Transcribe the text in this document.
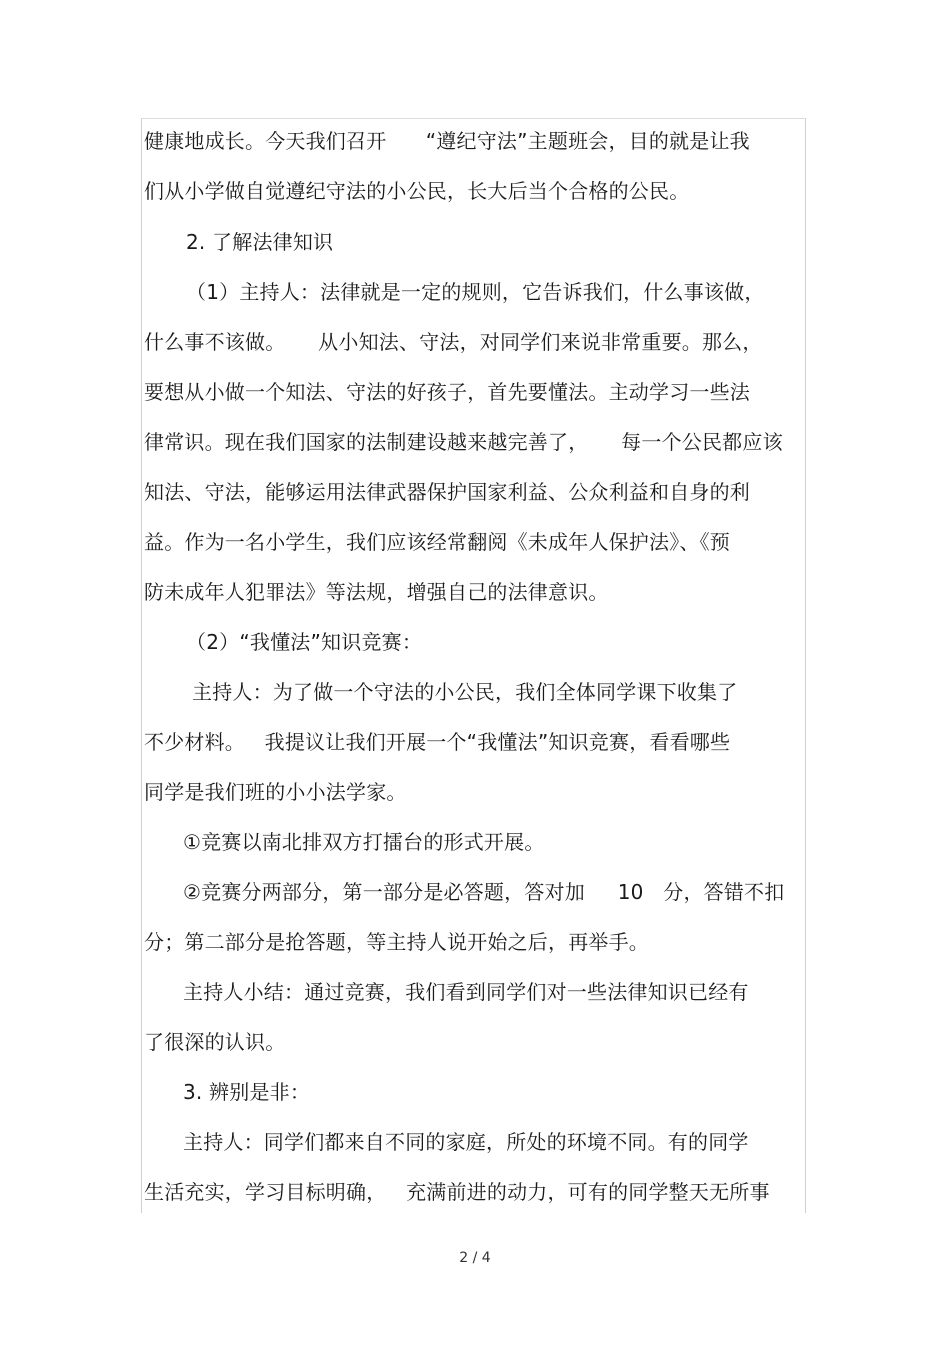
健康地成长。今天我们召开      “遵纪守法”主题班会，目的就是让我
们从小学做自觉遵纪守法的小公民，长大后当个合格的公民。
2. 了解法律知识
（1）主持人：法律就是一定的规则，它告诉我们，什么事该做，
什么事不该做。     从小知法、守法，对同学们来说非常重要。那么，
要想从小做一个知法、守法的好孩子，首先要懂法。主动学习一些法
律常识。现在我们国家的法制建设越来越完善了，     每一个公民都应该
知法、守法，能够运用法律武器保护国家利益、公众利益和自身的利
益。作为一名小学生，我们应该经常翻阅《未成年人保护法》、《预
防未成年人犯罪法》等法规，增强自己的法律意识。
（2）“我懂法”知识竞赛：
主持人：为了做一个守法的小公民，我们全体同学课下收集了
不少材料。   我提议让我们开展一个“我懂法”知识竞赛，看看哪些
同学是我们班的小小法学家。
①竞赛以南北排双方打擂台的形式开展。
②竞赛分两部分，第一部分是必答题，答对加     10   分，答错不扣
分；第二部分是抢答题，等主持人说开始之后，再举手。
主持人小结：通过竞赛，我们看到同学们对一些法律知识已经有
了很深的认识。
3. 辨别是非：
主持人：同学们都来自不同的家庭，所处的环境不同。有的同学
生活充实，学习目标明确，   充满前进的动力，可有的同学整天无所事
2 / 4
